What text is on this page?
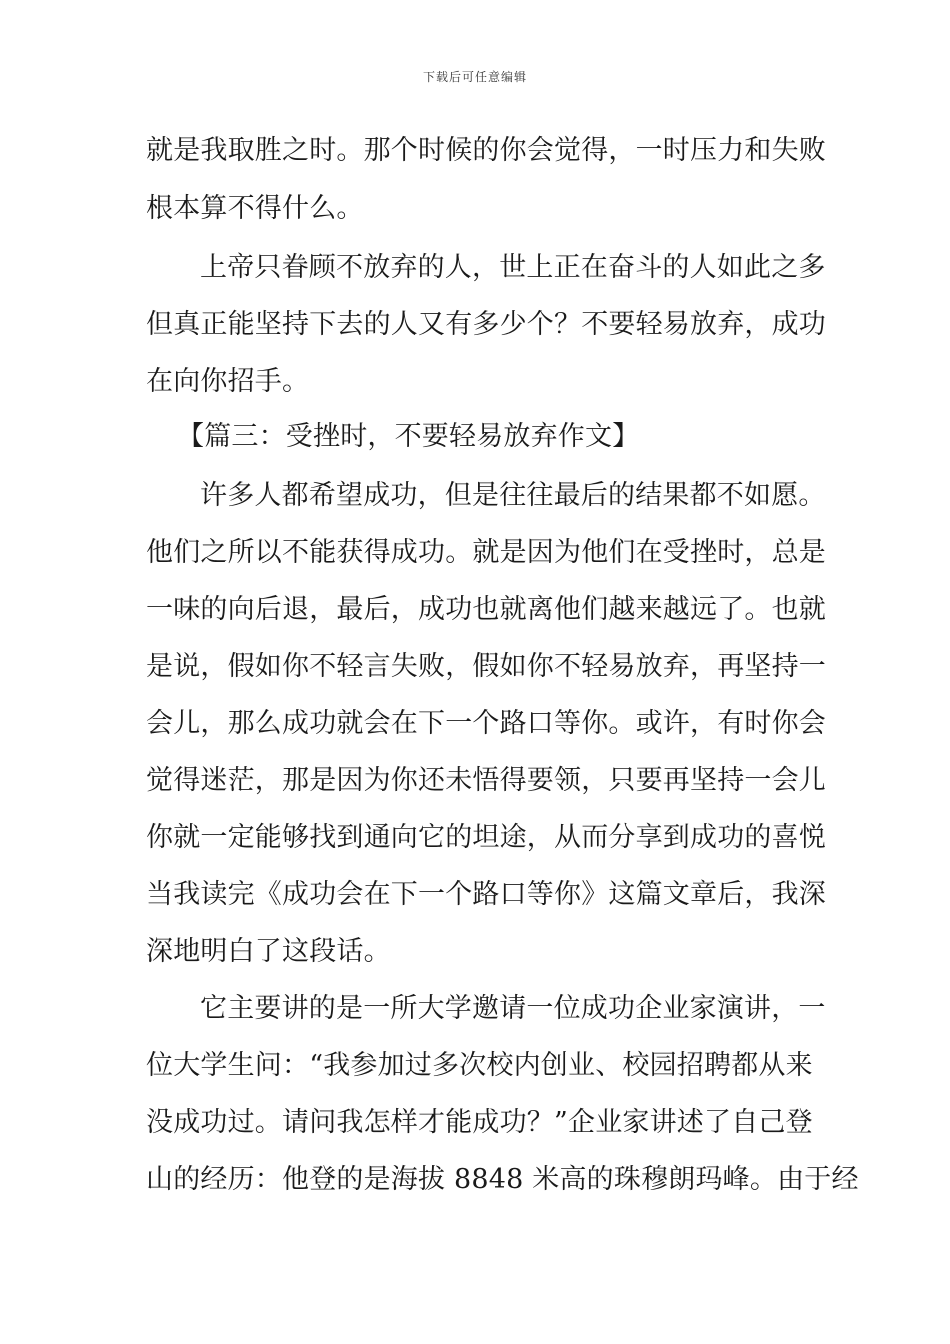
下载后可任意编辑
就是我取胜之时。那个时候的你会觉得，一时压力和失败
根本算不得什么。
上帝只眷顾不放弃的人，世上正在奋斗的人如此之多
但真正能坚持下去的人又有多少个？不要轻易放弃，成功
在向你招手。
【篇三：受挫时，不要轻易放弃作文】
许多人都希望成功，但是往往最后的结果都不如愿。
他们之所以不能获得成功。就是因为他们在受挫时，总是
一味的向后退，最后，成功也就离他们越来越远了。也就
是说，假如你不轻言失败，假如你不轻易放弃，再坚持一
会儿，那么成功就会在下一个路口等你。或许，有时你会
觉得迷茫，那是因为你还未悟得要领，只要再坚持一会儿
你就一定能够找到通向它的坦途，从而分享到成功的喜悦
当我读完《成功会在下一个路口等你》这篇文章后，我深
深地明白了这段话。
它主要讲的是一所大学邀请一位成功企业家演讲，一
位大学生问：“我参加过多次校内创业、校园招聘都从来
没成功过。请问我怎样才能成功？”企业家讲述了自己登
山的经历：他登的是海拔 8848 米高的珠穆朗玛峰。由于经
